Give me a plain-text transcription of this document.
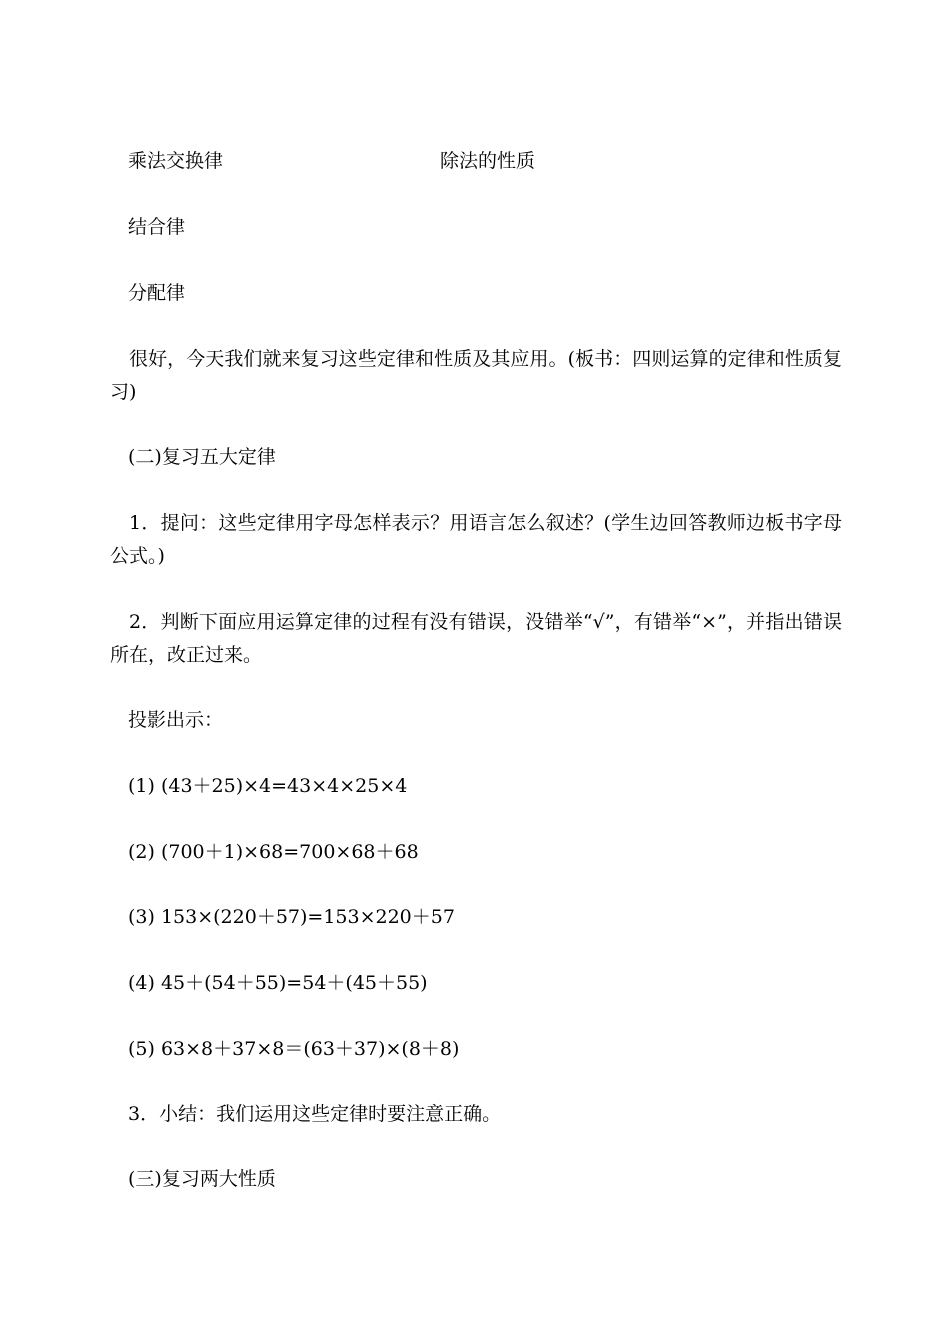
乘法交换律	除法的性质
结合律
分配律
很好，今天我们就来复习这些定律和性质及其应用。(板书：四则运算的定律和性质复习)
(二)复习五大定律
1．提问：这些定律用字母怎样表示？用语言怎么叙述？(学生边回答教师边板书字母公式。)
2．判断下面应用运算定律的过程有没有错误，没错举“√”，有错举“×”，并指出错误所在，改正过来。
投影出示：
(1) (43＋25)×4=43×4×25×4
(2) (700＋1)×68=700×68＋68
(3) 153×(220＋57)=153×220＋57
(4) 45＋(54＋55)=54＋(45＋55)
(5) 63×8＋37×8＝(63＋37)×(8＋8)
3．小结：我们运用这些定律时要注意正确。
(三)复习两大性质
